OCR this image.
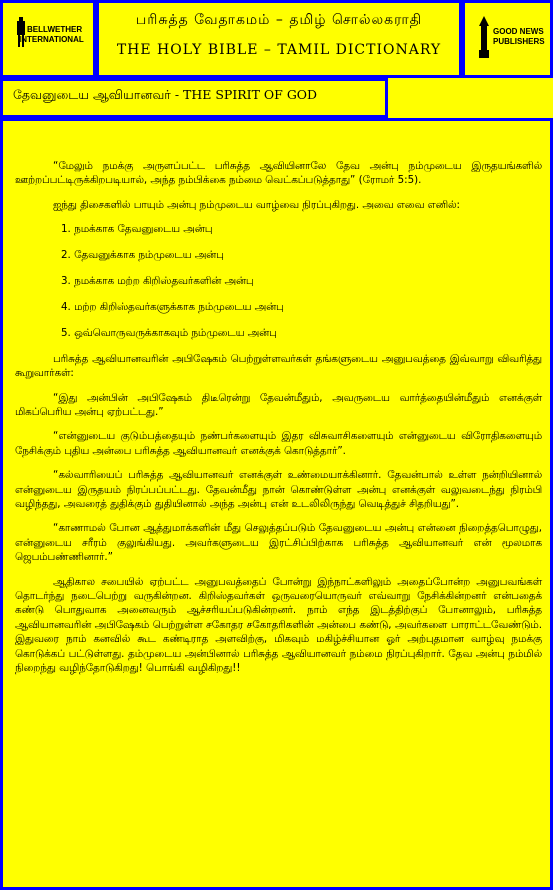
BELLWETHER
INTERNATIONAL
பரிசுத்த வேதாகமம் – தமிழ் சொல்லகராதி
THE HOLY BIBLE – TAMIL DICTIONARY
GOOD NEWS
PUBLISHERS
தேவனுடைய ஆவியானவர் - THE SPIRIT OF GOD

“மேலும் நமக்கு அருளப்பட்ட பரிசுத்த ஆவியினாலே தேவ அன்பு நம்முடைய இருதயங்களில் ஊற்றப்பட்டிருக்கிறபடியால், அந்த நம்பிக்கை நம்மை வெட்கப்படுத்தாது” (ரோமர் 5:5).

ஐந்து திசைகளில் பாயும் அன்பு நம்முடைய வாழ்வை நிரப்புகிறது. அவை எவை எனில்:

1. நமக்காக தேவனுடைய அன்பு
2. தேவனுக்காக நம்முடைய அன்பு
3. நமக்காக மற்ற கிறிஸ்தவர்களின் அன்பு
4. மற்ற கிறிஸ்தவர்களுக்காக நம்முடைய அன்பு
5. ஒவ்வொருவருக்காகவும் நம்முடைய அன்பு

பரிசுத்த ஆவியானவரின் அபிஷேகம் பெற்றுள்ளவர்கள் தங்களுடைய அனுபவத்தை இவ்வாறு விவரித்து கூறுவார்கள்:

“இது அன்பின் அபிஷேகம் திடீரென்று தேவன்மீதும், அவருடைய வார்த்தையின்மீதும் எனக்குள் மிகப்பெரிய அன்பு ஏற்பட்டது.”

“என்னுடைய குடும்பத்தையும் நண்பர்களையும் இதர விசுவாசிகளையும் என்னுடைய விரோதிகளையும் நேசிக்கும் புதிய அன்பை பரிசுத்த ஆவியானவர் எனக்குக் கொடுத்தார்”.

“கல்வாரியைப் பரிசுத்த ஆவியானவர் எனக்குள் உண்மையாக்கினார். தேவன்பால் உள்ள நன்றியினால் என்னுடைய இருதயம் நிரப்பப்பட்டது. தேவன்மீது நான் கொண்டுள்ள அன்பு எனக்குள் வலுவடைந்து நிரம்பி வழிந்தது, அவரைத் துதிக்கும் துதியினால் அந்த அன்பு என் உடலிலிருந்து வெடித்துச் சிதறியது”.

“காணாமல் போன ஆத்துமாக்களின் மீது செலுத்தப்படும் தேவனுடைய அன்பு என்னை நிறைத்தபொழுது, என்னுடைய சரீரம் குலுங்கியது. அவர்களுடைய இரட்சிப்பிற்காக பரிசுத்த ஆவியானவர் என் மூலமாக ஜெபம்பண்ணினார்.”

ஆதிகால சபையில் ஏற்பட்ட அனுபவத்தைப் போன்று இந்நாட்களிலும் அதைப்போன்ற அனுபவங்கள் தொடர்ந்து நடைபெற்று வருகின்றன. கிறிஸ்தவர்கள் ஒருவரையொருவர் எவ்வாறு நேசிக்கின்றனர் என்பதைக் கண்டு பொதுவாக அனைவரும் ஆச்சரியப்படுகின்றனர். நாம் எந்த இடத்திற்குப் போனாலும், பரிசுத்த ஆவியானவரின் அபிஷேகம் பெற்றுள்ள சகோதர சகோதரிகளின் அன்பை கண்டு, அவர்களை பாராட்டவேண்டும். இதுவரை நாம் கனவில் கூட கண்டிராத அளவிற்கு, மிகவும் மகிழ்ச்சியான ஓர் அற்புதமான வாழ்வு நமக்கு கொடுக்கப் பட்டுள்ளது. தம்முடைய அன்பினால் பரிசுத்த ஆவியானவர் நம்மை நிரப்புகிறார். தேவ அன்பு நம்மில் நிறைந்து வழிந்தோடுகிறது! பொங்கி வழிகிறது!!
